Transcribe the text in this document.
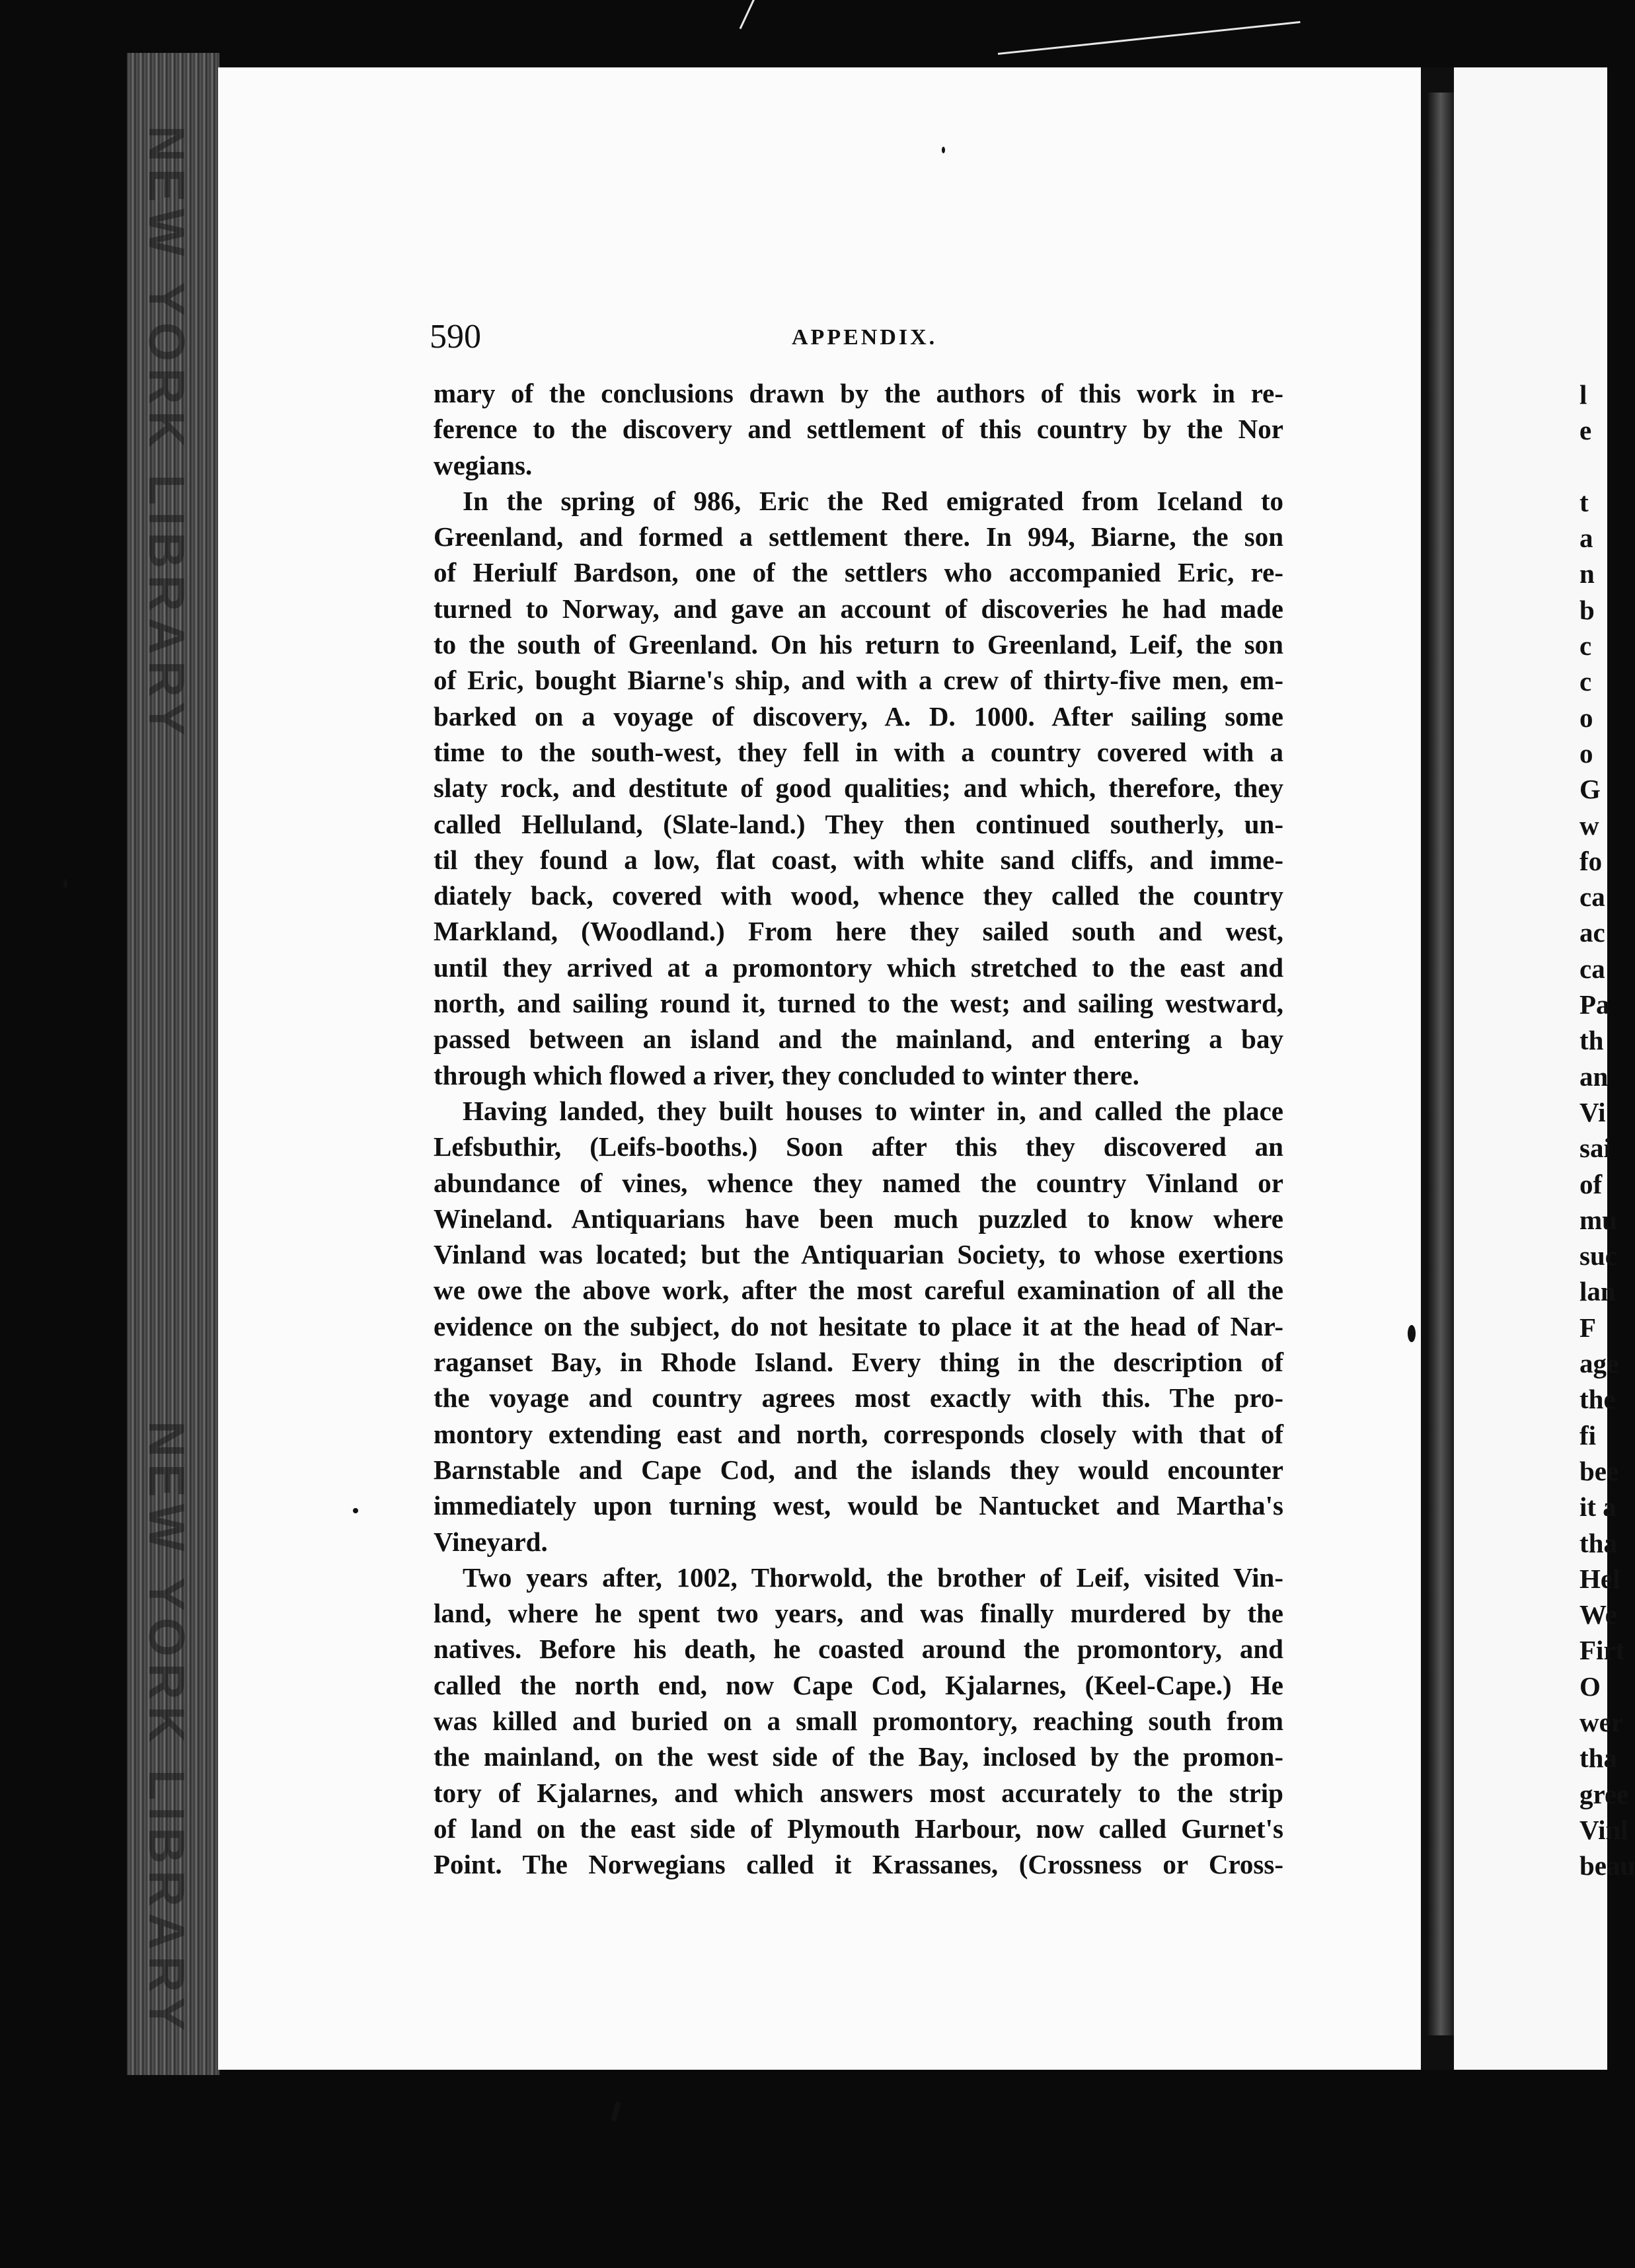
NEW YORK LIBRARY
NEW YORK LIBRARY
590	APPENDIX.
mary of the conclusions drawn by the authors of this work in re-
ference to the discovery and settlement of this country by the Nor
wegians.
In the spring of 986, Eric the Red emigrated from Iceland to
Greenland, and formed a settlement there. In 994, Biarne, the son
of Heriulf Bardson, one of the settlers who accompanied Eric, re-
turned to Norway, and gave an account of discoveries he had made
to the south of Greenland. On his return to Greenland, Leif, the son
of Eric, bought Biarne's ship, and with a crew of thirty-five men, em-
barked on a voyage of discovery, A. D. 1000. After sailing some
time to the south-west, they fell in with a country covered with a
slaty rock, and destitute of good qualities; and which, therefore, they
called Helluland, (Slate-land.) They then continued southerly, un-
til they found a low, flat coast, with white sand cliffs, and imme-
diately back, covered with wood, whence they called the country
Markland, (Woodland.) From here they sailed south and west,
until they arrived at a promontory which stretched to the east and
north, and sailing round it, turned to the west; and sailing westward,
passed between an island and the mainland, and entering a bay
through which flowed a river, they concluded to winter there.
Having landed, they built houses to winter in, and called the place
Lefsbuthir, (Leifs-booths.) Soon after this they discovered an
abundance of vines, whence they named the country Vinland or
Wineland. Antiquarians have been much puzzled to know where
Vinland was located; but the Antiquarian Society, to whose exertions
we owe the above work, after the most careful examination of all the
evidence on the subject, do not hesitate to place it at the head of Nar-
raganset Bay, in Rhode Island. Every thing in the description of
the voyage and country agrees most exactly with this. The pro-
montory extending east and north, corresponds closely with that of
Barnstable and Cape Cod, and the islands they would encounter
immediately upon turning west, would be Nantucket and Martha's
Vineyard.
Two years after, 1002, Thorwold, the brother of Leif, visited Vin-
land, where he spent two years, and was finally murdered by the
natives. Before his death, he coasted around the promontory, and
called the north end, now Cape Cod, Kjalarnes, (Keel-Cape.) He
was killed and buried on a small promontory, reaching south from
the mainland, on the west side of the Bay, inclosed by the promon-
tory of Kjalarnes, and which answers most accurately to the strip
of land on the east side of Plymouth Harbour, now called Gurnet's
Point. The Norwegians called it Krassanes, (Crossness or Cross-
l
e
t
a
n
b
c
c
o
o
G
w
fo
ca
ac
ca
Pa
th
an
Vi
sai
of
mu
suc
lan
F
age
the
fi
bee
it a
tha
Hel
We
Firt
O
wer
tha
gree
Vinl
beau
